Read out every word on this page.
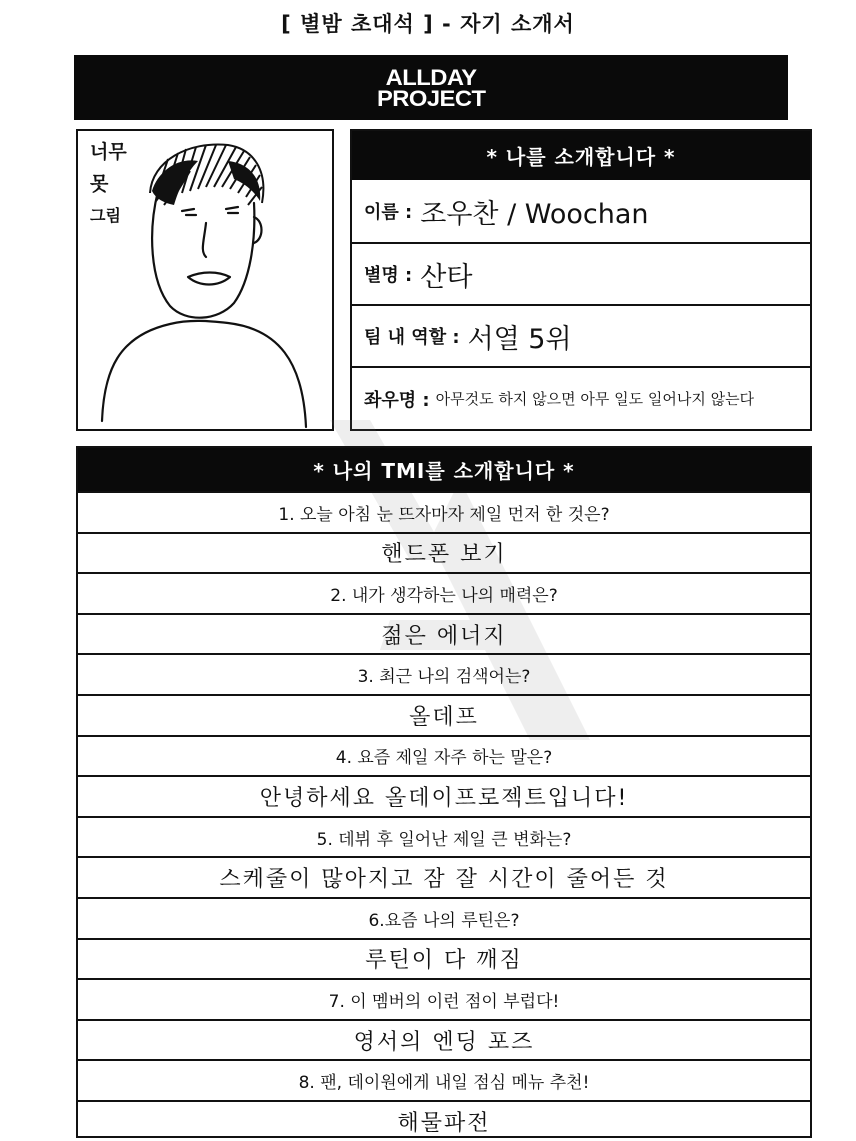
[ 별밤 초대석 ] - 자기 소개서
ALLDAY
PROJECT
너무
못
그림
* 나를 소개합니다 *
이름 : 조우찬 / Woochan
별명 : 산타
팀 내 역할 : 서열 5위
좌우명 : 아무것도 하지 않으면 아무 일도 일어나지 않는다
* 나의 TMI를 소개합니다 *
1. 오늘 아침 눈 뜨자마자 제일 먼저 한 것은?
핸드폰 보기
2. 내가 생각하는 나의 매력은?
젊은 에너지
3. 최근 나의 검색어는?
올데프
4. 요즘 제일 자주 하는 말은?
안녕하세요 올데이프로젝트입니다!
5. 데뷔 후 일어난 제일 큰 변화는?
스케줄이 많아지고 잠 잘 시간이 줄어든 것
6.요즘 나의 루틴은?
루틴이 다 깨짐
7. 이 멤버의 이런 점이 부럽다!
영서의 엔딩 포즈
8. 팬, 데이원에게 내일 점심 메뉴 추천!
해물파전
